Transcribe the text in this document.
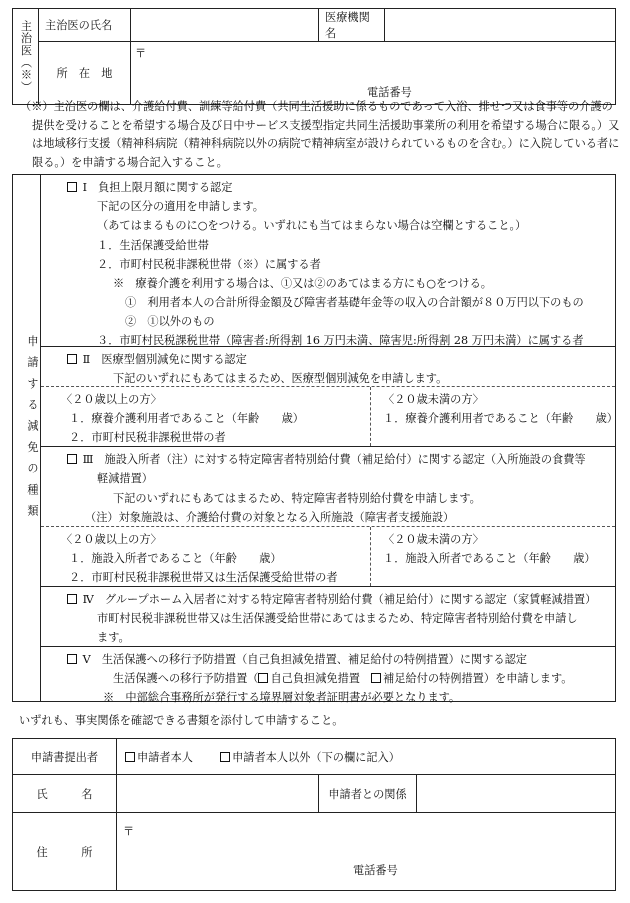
主治医（※）	主治医の氏名		医療機関名	
	所　在　地	〒
電話番号		
（※）主治医の欄は、介護給付費、訓練等給付費（共同生活援助に係るものであって入浴、排せつ又は食事等の介護の提供を受けることを希望する場合及び日中サービス支援型指定共同生活援助事業所の利用を希望する場合に限る。）又は地域移行支援（精神科病院（精神科病院以外の病院で精神病室が設けられているものを含む。）に入院している者に限る。）を申請する場合記入すること。
申請する減免の種類
Ⅰ　負担上限月額に関する認定
下記の区分の適用を申請します。
（あてはまるものに○をつける。いずれにも当てはまらない場合は空欄とすること。）
１．生活保護受給世帯
２．市町村民税非課税世帯（※）に属する者
※　療養介護を利用する場合は、①又は②のあてはまる方にも○をつける。
①　利用者本人の合計所得金額及び障害者基礎年金等の収入の合計額が８０万円以下のもの
②　①以外のもの
３．市町村民税課税世帯（障害者:所得割 16 万円未満、障害児:所得割 28 万円未満）に属する者
Ⅱ　医療型個別減免に関する認定
下記のいずれにもあてはまるため、医療型個別減免を申請します。
〈２０歳以上の方〉
１．療養介護利用者であること（年齢　　歳）
２．市町村民税非課税世帯の者
〈２０歳未満の方〉
１．療養介護利用者であること（年齢　　歳）
Ⅲ　施設入所者（注）に対する特定障害者特別給付費（補足給付）に関する認定（入所施設の食費等
軽減措置）
下記のいずれにもあてはまるため、特定障害者特別給付費を申請します。
（注）対象施設は、介護給付費の対象となる入所施設（障害者支援施設）
〈２０歳以上の方〉
１．施設入所者であること（年齢　　歳）
２．市町村民税非課税世帯又は生活保護受給世帯の者
〈２０歳未満の方〉
１．施設入所者であること（年齢　　歳）
Ⅳ　グループホーム入居者に対する特定障害者特別給付費（補足給付）に関する認定（家賃軽減措置）
市町村民税非課税世帯又は生活保護受給世帯にあてはまるため、特定障害者特別給付費を申請し
ます。
Ⅴ　生活保護への移行予防措置（自己負担減免措置、補足給付の特例措置）に関する認定
生活保護への移行予防措置（ 自己負担減免措置　補足給付の特例措置）を申請します。
※　中部総合事務所が発行する境界層対象者証明書が必要となります。
いずれも、事実関係を確認できる書類を添付して申請すること。
申請書提出者	申請者本人 申請者本人以外（下の欄に記入）		
氏　　　名		申請者との関係	
住　　　所	〒
電話番号		
